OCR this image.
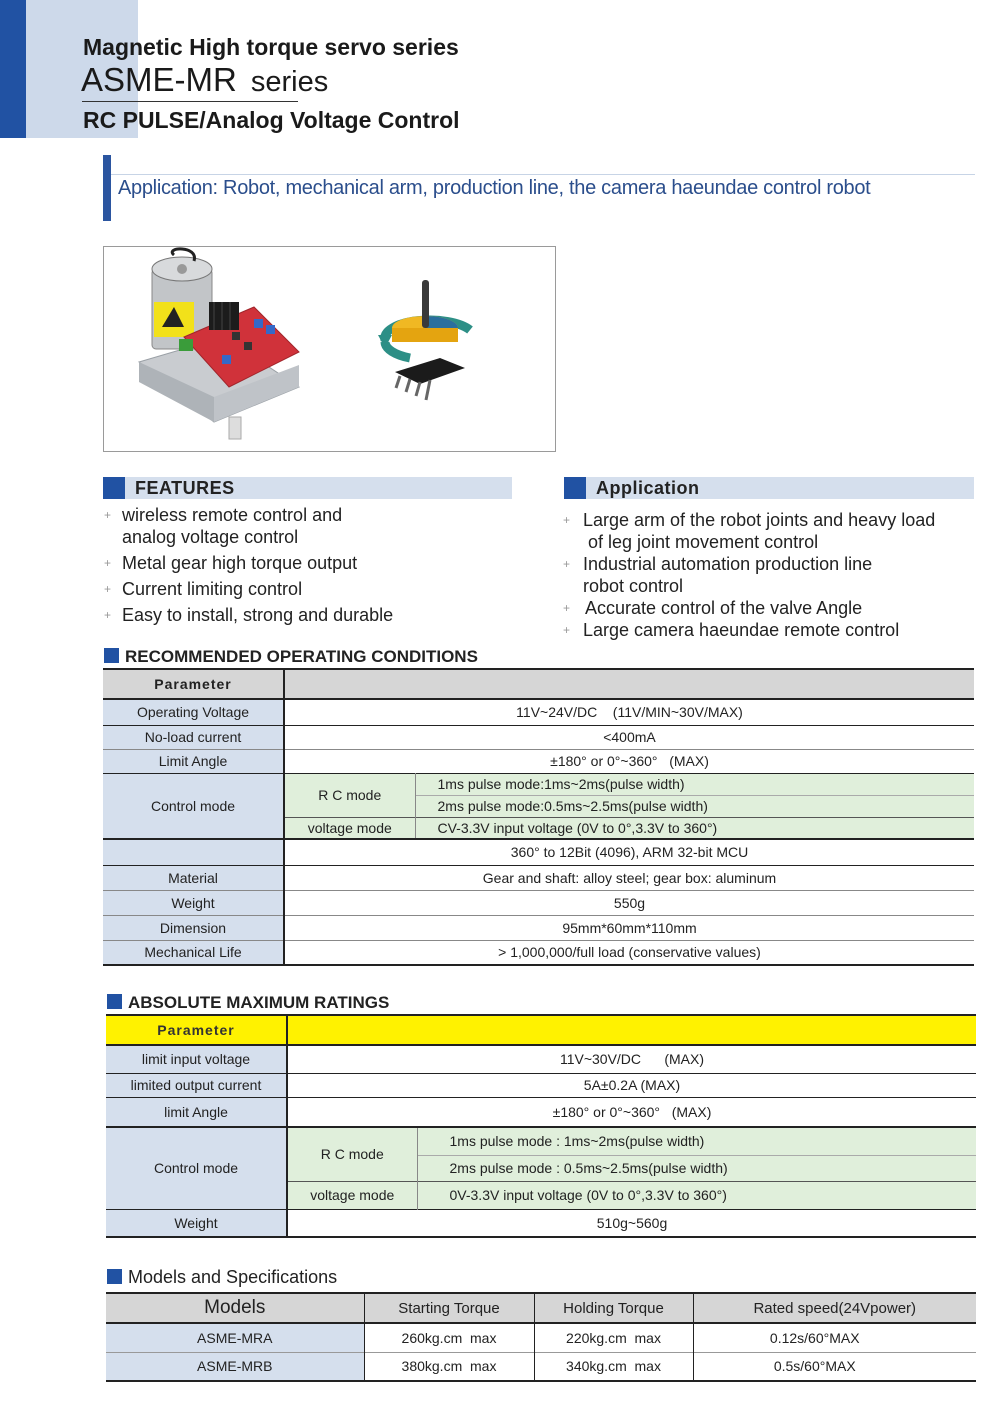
Magnetic High torque servo series
ASME-MR series
RC PULSE/Analog Voltage Control
Application: Robot, mechanical arm, production line, the camera haeundae control robot
FEATURES
+ wireless remote control and
analog voltage control
+ Metal gear high torque output
+ Current limiting control
+ Easy to install, strong and durable
Application
+ Large arm of the robot joints and heavy load
of leg joint movement control
+ Industrial automation production line
robot control
+ Accurate control of the valve Angle
+ Large camera haeundae remote control
RECOMMENDED OPERATING CONDITIONS
Parameter		
Operating Voltage	11V~24V/DC    (11V/MIN~30V/MAX)	
No-load current	<400mA	
Limit Angle	±180° or 0°~360°   (MAX)	
Control mode	R C mode	1ms pulse mode:1ms~2ms(pulse width)
		2ms pulse mode:0.5ms~2.5ms(pulse width)
	voltage mode	CV-3.3V input voltage (0V to 0°,3.3V to 360°)
	360° to 12Bit (4096), ARM 32-bit MCU	
Material	Gear and shaft: alloy steel; gear box: aluminum	
Weight	550g	
Dimension	95mm*60mm*110mm	
Mechanical Life	> 1,000,000/full load (conservative values)	
ABSOLUTE MAXIMUM RATINGS
Parameter		
limit input voltage	11V~30V/DC      (MAX)	
limited output current	5A±0.2A (MAX)	
limit Angle	±180° or 0°~360°   (MAX)	
Control mode	R C mode	1ms pulse mode : 1ms~2ms(pulse width)
		2ms pulse mode : 0.5ms~2.5ms(pulse width)
	voltage mode	0V-3.3V input voltage (0V to 0°,3.3V to 360°)
Weight	510g~560g	
Models and Specifications
Models	Starting Torque	Holding Torque	Rated speed(24Vpower)
ASME-MRA	260kg.cm  max	220kg.cm  max	0.12s/60°MAX
ASME-MRB	380kg.cm  max	340kg.cm  max	0.5s/60°MAX
